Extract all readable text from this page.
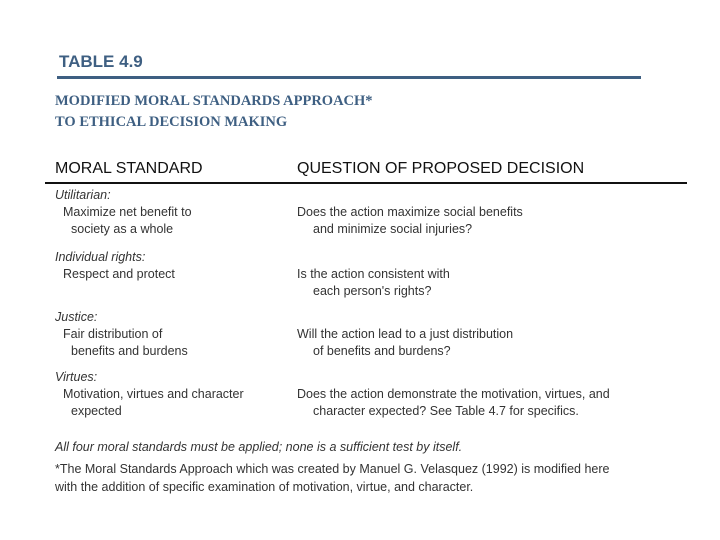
TABLE 4.9
MODIFIED MORAL STANDARDS APPROACH*
TO ETHICAL DECISION MAKING
MORAL STANDARD	QUESTION OF PROPOSED DECISION
Utilitarian:
Maximize net benefit to
society as a whole
Does the action maximize social benefits
and minimize social injuries?
Individual rights:
Respect and protect	Is the action consistent with
each person's rights?
Justice:
Fair distribution of
benefits and burdens
Will the action lead to a just distribution
of benefits and burdens?
Virtues:
Motivation, virtues and character
expected
Does the action demonstrate the motivation, virtues, and
character expected? See Table 4.7 for specifics.
All four moral standards must be applied; none is a sufficient test by itself.
*The Moral Standards Approach which was created by Manuel G. Velasquez (1992) is modified here
with the addition of specific examination of motivation, virtue, and character.
